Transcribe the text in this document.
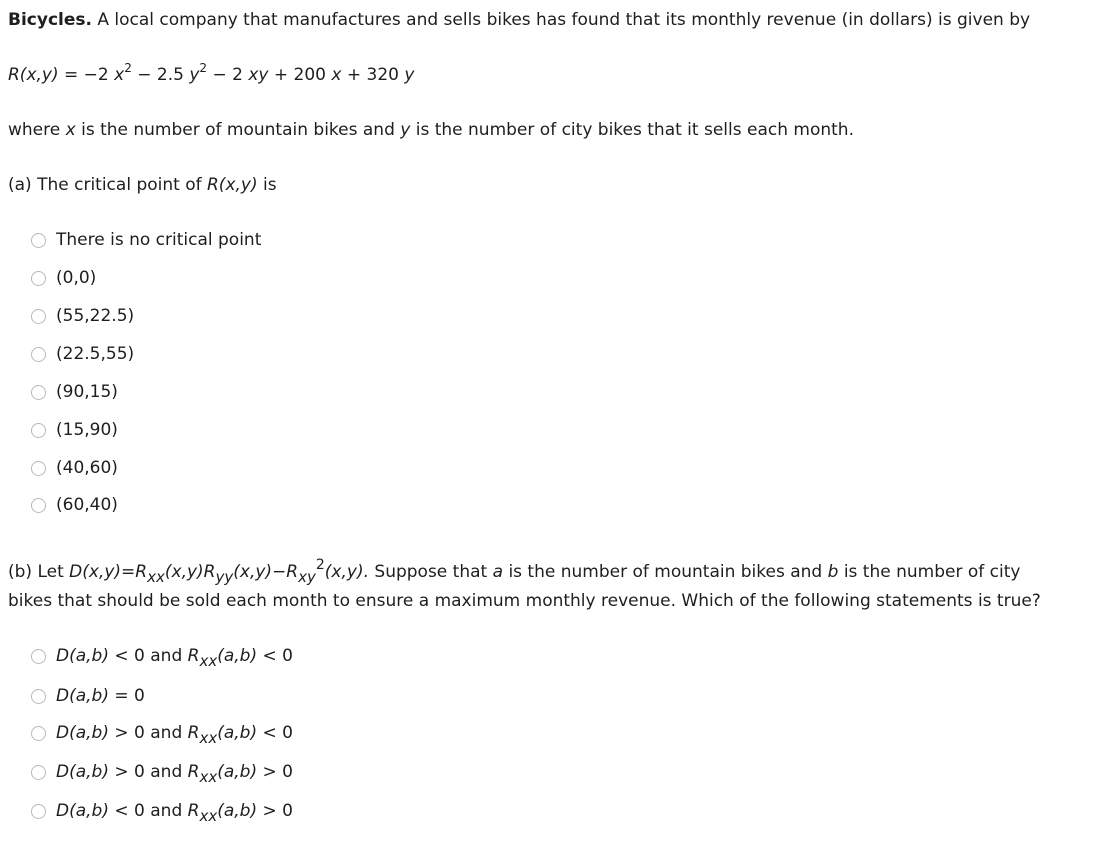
Bicycles. A local company that manufactures and sells bikes has found that its monthly revenue (in dollars) is given by
R(x,y) = −2 $x^2 - 2.5$ $y^2 - 2$ xy + 200 x + 320 y
where x is the number of mountain bikes and y is the number of city bikes that it sells each month.
(a) The critical point of R(x,y) is
There is no critical point
(0,0)
(55,22.5)
(22.5,55)
(90,15)
(15,90)
(40,60)
(60,40)
(b) Let D(x,y)=Rxx(x,y)Ryy(x,y)−Rxy$^2$(x,y). Suppose that a is the number of mountain bikes and b is the number of city
bikes that should be sold each month to ensure a maximum monthly revenue. Which of the following statements is true?
D(a,b) < 0 and Rxx(a,b) < 0
D(a,b) = 0
D(a,b) > 0 and Rxx(a,b) < 0
D(a,b) > 0 and Rxx(a,b) > 0
D(a,b) < 0 and Rxx(a,b) > 0
